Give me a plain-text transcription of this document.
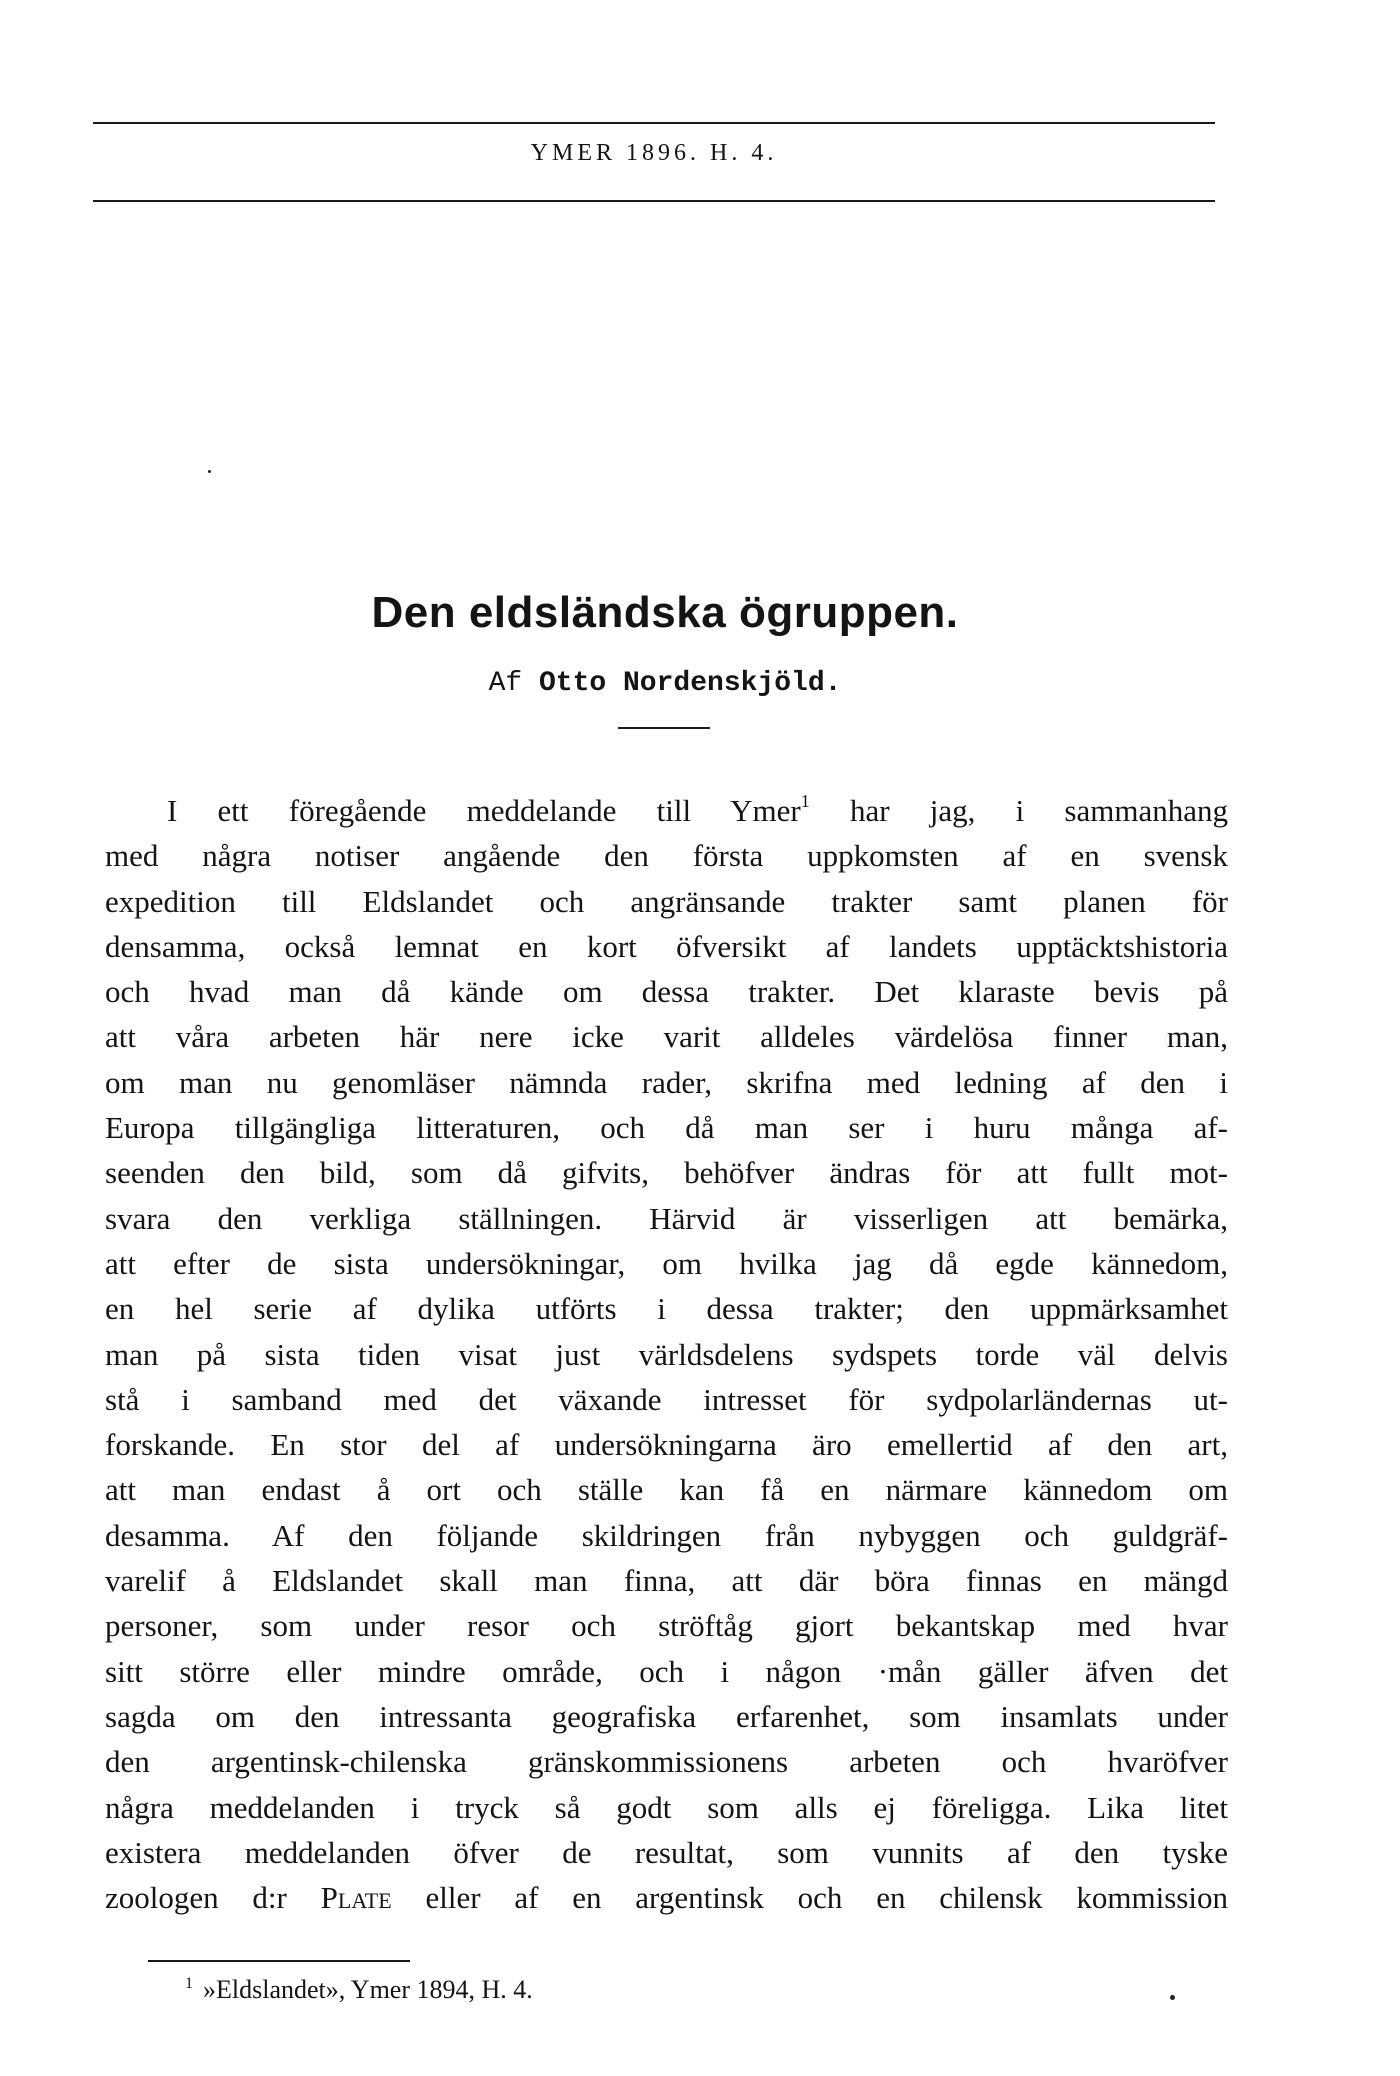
YMER 1896. H. 4.
Den eldsländska ögruppen.
Af Otto Nordenskjöld.
I ett föregående meddelande till Ymer$^1$ har jag, i sammanhang
med några notiser angående den första uppkomsten af en svensk
expedition till Eldslandet och angränsande trakter samt planen för
densamma, också lemnat en kort öfversikt af landets upptäcktshistoria
och hvad man då kände om dessa trakter. Det klaraste bevis på
att våra arbeten här nere icke varit alldeles värdelösa finner man,
om man nu genomläser nämnda rader, skrifna med ledning af den i
Europa tillgängliga litteraturen, och då man ser i huru många af-
seenden den bild, som då gifvits, behöfver ändras för att fullt mot-
svara den verkliga ställningen. Härvid är visserligen att bemärka,
att efter de sista undersökningar, om hvilka jag då egde kännedom,
en hel serie af dylika utförts i dessa trakter; den uppmärksamhet
man på sista tiden visat just världsdelens sydspets torde väl delvis
stå i samband med det växande intresset för sydpolarländernas ut-
forskande. En stor del af undersökningarna äro emellertid af den art,
att man endast å ort och ställe kan få en närmare kännedom om
desamma. Af den följande skildringen från nybyggen och guldgräf-
varelif å Eldslandet skall man finna, att där böra finnas en mängd
personer, som under resor och ströftåg gjort bekantskap med hvar
sitt större eller mindre område, och i någon ·mån gäller äfven det
sagda om den intressanta geografiska erfarenhet, som insamlats under
den argentinsk-chilenska gränskommissionens arbeten och hvaröfver
några meddelanden i tryck så godt som alls ej föreligga. Lika litet
existera meddelanden öfver de resultat, som vunnits af den tyske
zoologen d:r Plate eller af en argentinsk och en chilensk kommission
$^1$ »Eldslandet», Ymer 1894, H. 4.
